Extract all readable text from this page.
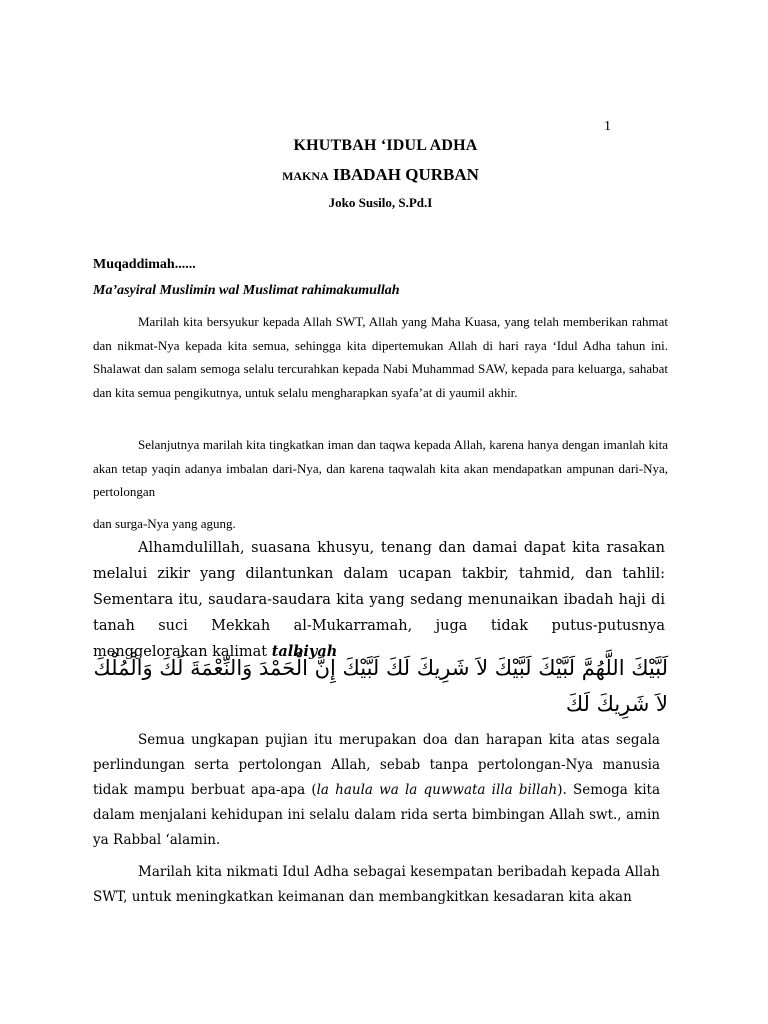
1
KHUTBAH ‘IDUL ADHA
MAKNA IBADAH QURBAN
Joko Susilo, S.Pd.I
Muqaddimah......
Ma’asyiral Muslimin wal Muslimat rahimakumullah

Marilah kita bersyukur kepada Allah SWT, Allah yang Maha Kuasa, yang telah memberikan rahmat dan nikmat-Nya kepada kita semua, sehingga kita dipertemukan Allah di hari raya ‘Idul Adha tahun ini. Shalawat dan salam semoga selalu tercurahkan kepada Nabi Muhammad SAW, kepada para keluarga, sahabat dan kita semua pengikutnya, untuk selalu mengharapkan syafa’at di yaumil akhir.

Selanjutnya marilah kita tingkatkan iman dan taqwa kepada Allah, karena hanya dengan imanlah kita akan tetap yaqin adanya imbalan dari-Nya, dan karena taqwalah kita akan mendapatkan ampunan dari-Nya, pertolongan

dan surga-Nya yang agung.

Alhamdulillah, suasana khusyu, tenang dan damai dapat kita rasakan melalui zikir yang dilantunkan dalam ucapan takbir, tahmid, dan tahlil: Sementara itu, saudara-saudara kita yang sedang menunaikan ibadah haji di tanah suci Mekkah al-Mukarramah, juga tidak putus-putusnya menggelorakan kalimat talbiyah

لَبَّيْكَ اللَّهُمَّ لَبَّيْكَ لَبَّيْكَ لاَ شَرِيكَ لَكَ لَبَّيْكَ إِنَّ الْحَمْدَ وَالنِّعْمَةَ لَكَ وَالْمُلْكَ لاَ شَرِيكَ لَكَ

Semua ungkapan pujian itu merupakan doa dan harapan kita atas segala perlindungan serta pertolongan Allah, sebab tanpa pertolongan-Nya manusia tidak mampu berbuat apa-apa (la haula wa la quwwata illa billah). Semoga kita dalam menjalani kehidupan ini selalu dalam rida serta bimbingan Allah swt., amin ya Rabbal ‘alamin.

Marilah kita nikmati Idul Adha sebagai kesempatan beribadah kepada Allah SWT, untuk meningkatkan keimanan dan membangkitkan kesadaran kita akan
